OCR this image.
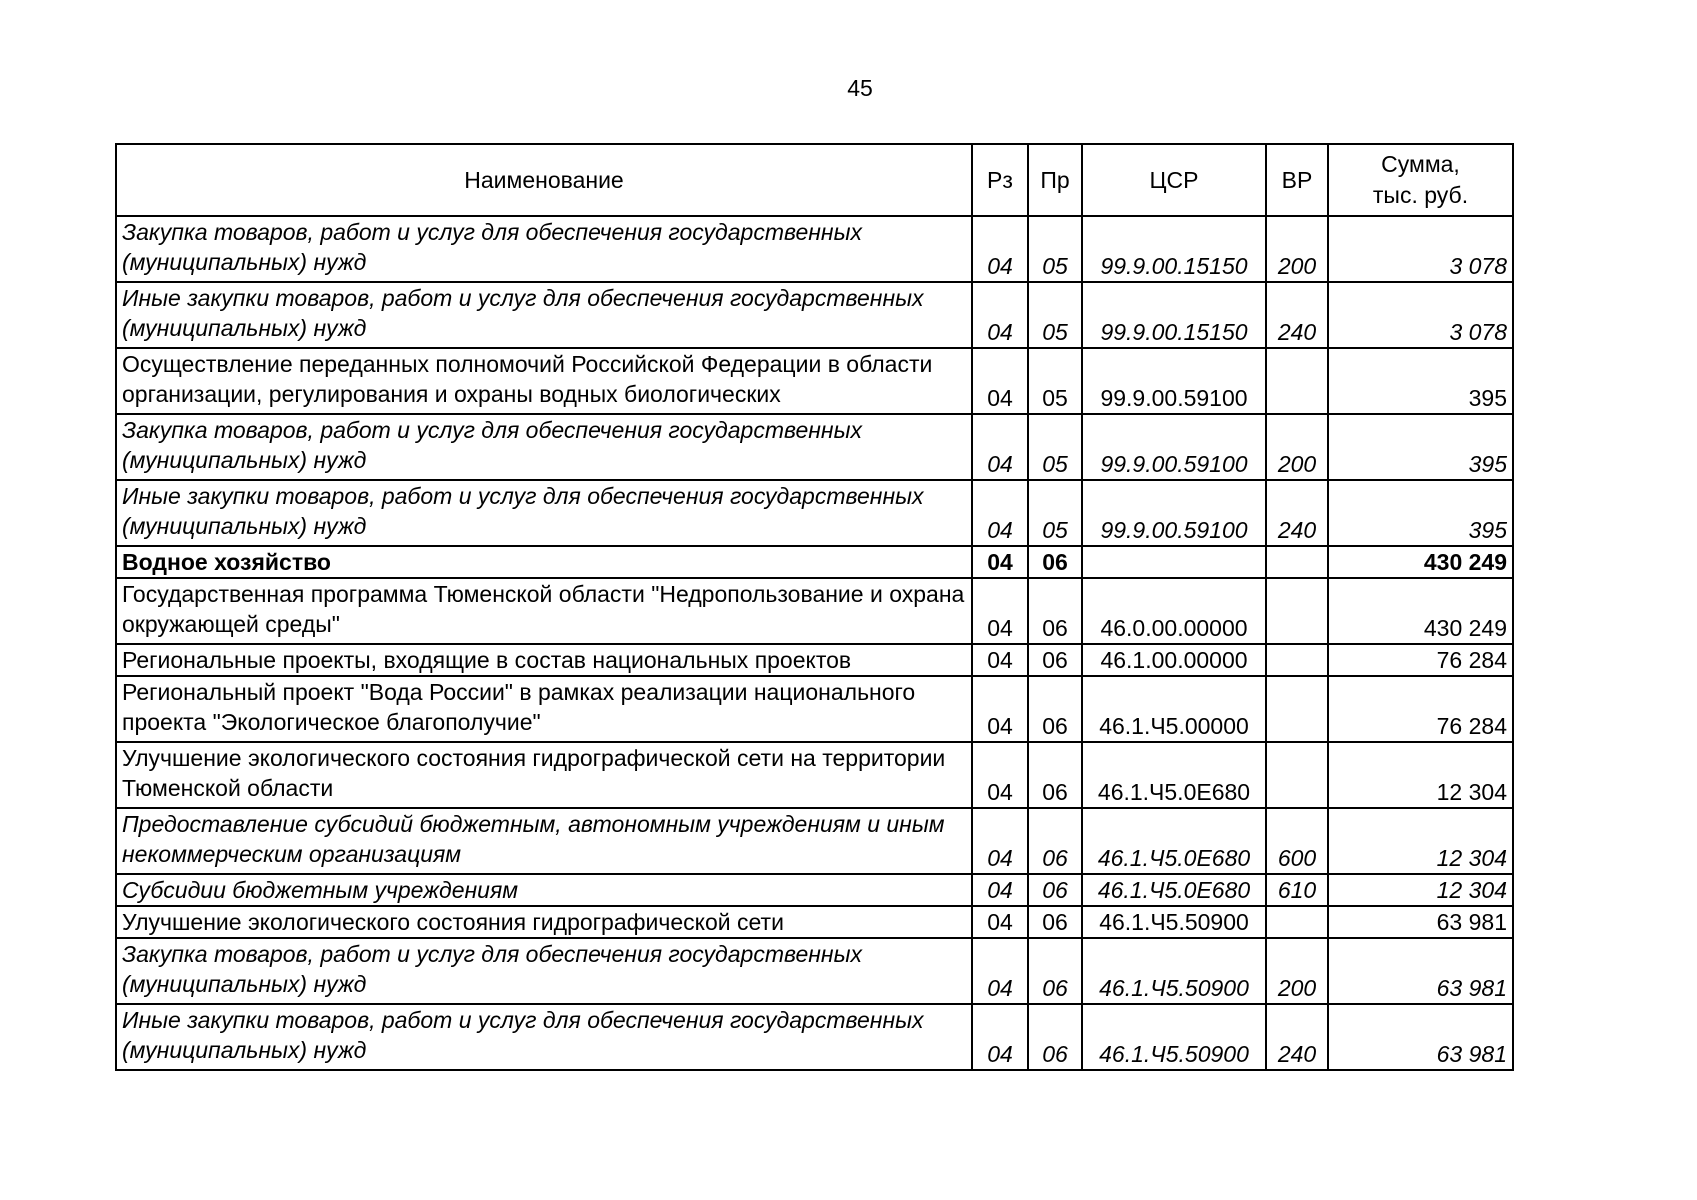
45
Наименование	Рз	Пр	ЦСР	ВР	Сумма,
тыс. руб.
Закупка товаров, работ и услуг для обеспечения государственных (муниципальных) нужд	04	05	99.9.00.15150	200	3 078
Иные закупки товаров, работ и услуг для обеспечения государственных (муниципальных) нужд	04	05	99.9.00.15150	240	3 078
Осуществление переданных полномочий Российской Федерации в области организации, регулирования и охраны водных биологических	04	05	99.9.00.59100		395
Закупка товаров, работ и услуг для обеспечения государственных (муниципальных) нужд	04	05	99.9.00.59100	200	395
Иные закупки товаров, работ и услуг для обеспечения государственных (муниципальных) нужд	04	05	99.9.00.59100	240	395
Водное хозяйство	04	06			430 249
Государственная программа Тюменской области "Недропользование и охрана окружающей среды"	04	06	46.0.00.00000		430 249
Региональные проекты, входящие в состав национальных проектов	04	06	46.1.00.00000		76 284
Региональный проект "Вода России" в рамках реализации национального проекта "Экологическое благополучие"	04	06	46.1.Ч5.00000		76 284
Улучшение экологического состояния гидрографической сети на территории Тюменской области	04	06	46.1.Ч5.0Е680		12 304
Предоставление субсидий бюджетным, автономным учреждениям и иным некоммерческим организациям	04	06	46.1.Ч5.0Е680	600	12 304
Субсидии бюджетным учреждениям	04	06	46.1.Ч5.0Е680	610	12 304
Улучшение экологического состояния гидрографической сети	04	06	46.1.Ч5.50900		63 981
Закупка товаров, работ и услуг для обеспечения государственных (муниципальных) нужд	04	06	46.1.Ч5.50900	200	63 981
Иные закупки товаров, работ и услуг для обеспечения государственных (муниципальных) нужд	04	06	46.1.Ч5.50900	240	63 981
